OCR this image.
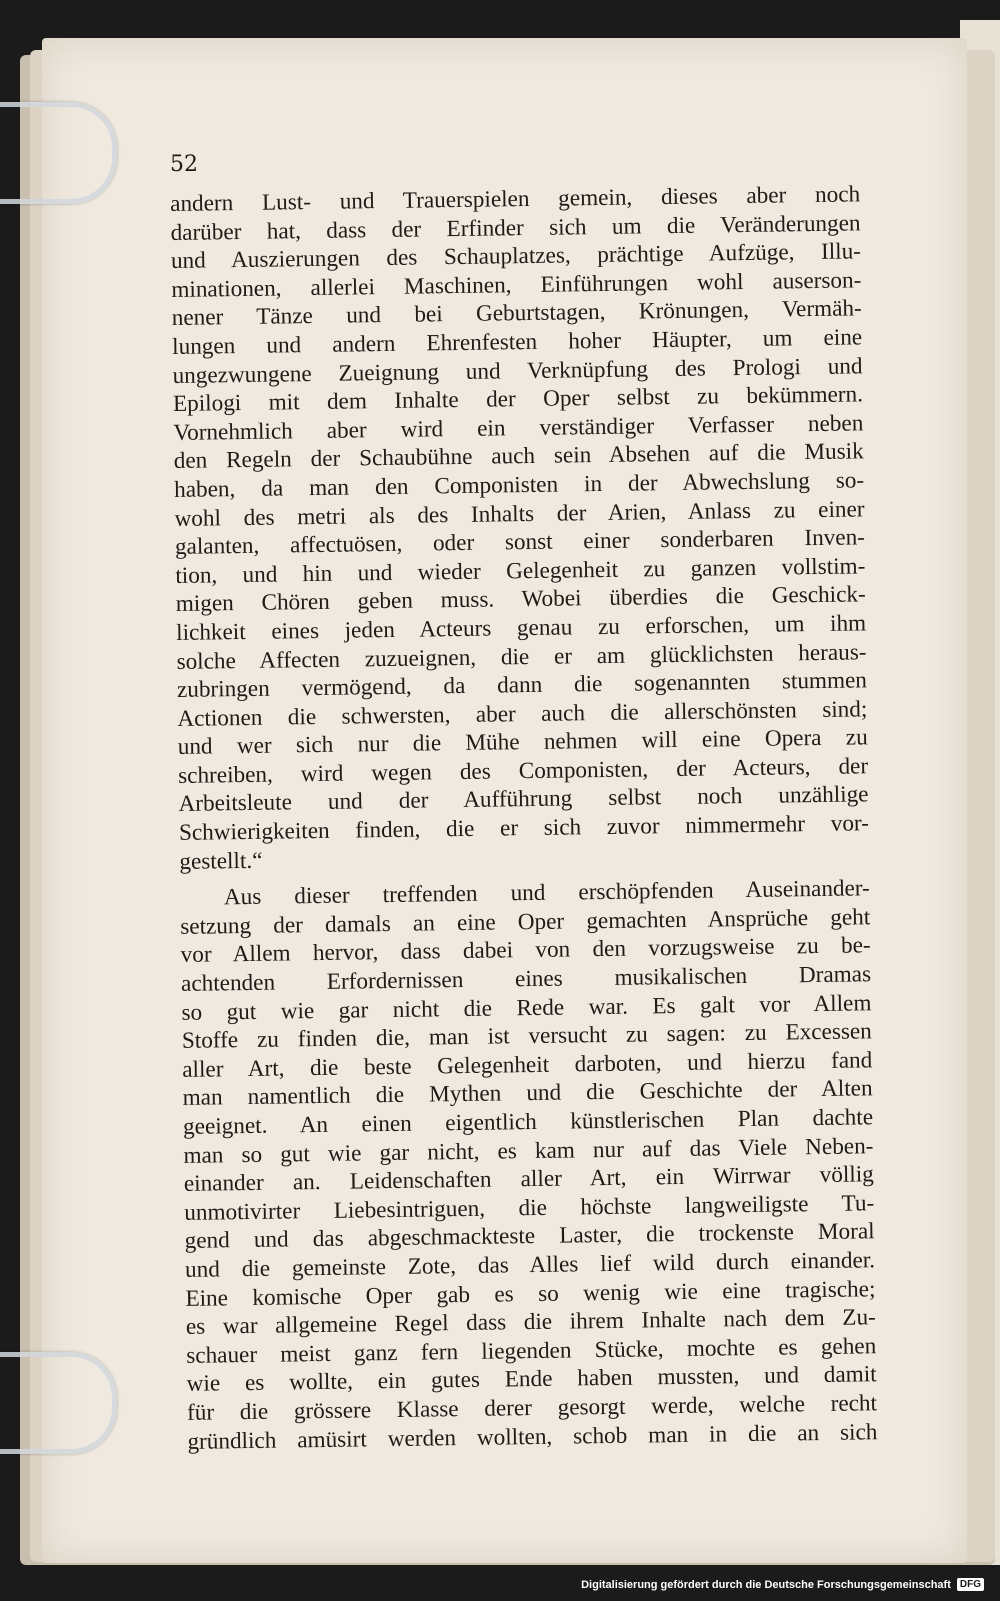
52
andern Lust- und Trauerspielen gemein, dieses aber noch
darüber hat, dass der Erfinder sich um die Veränderungen
und Auszierungen des Schauplatzes, prächtige Aufzüge, Illu-
minationen, allerlei Maschinen, Einführungen wohl auserson-
nener Tänze und bei Geburtstagen, Krönungen, Vermäh-
lungen und andern Ehrenfesten hoher Häupter, um eine
ungezwungene Zueignung und Verknüpfung des Prologi und
Epilogi mit dem Inhalte der Oper selbst zu bekümmern.
Vornehmlich aber wird ein verständiger Verfasser neben
den Regeln der Schaubühne auch sein Absehen auf die Musik
haben, da man den Componisten in der Abwechslung so-
wohl des metri als des Inhalts der Arien, Anlass zu einer
galanten, affectuösen, oder sonst einer sonderbaren Inven-
tion, und hin und wieder Gelegenheit zu ganzen vollstim-
migen Chören geben muss. Wobei überdies die Geschick-
lichkeit eines jeden Acteurs genau zu erforschen, um ihm
solche Affecten zuzueignen, die er am glücklichsten heraus-
zubringen vermögend, da dann die sogenannten stummen
Actionen die schwersten, aber auch die allerschönsten sind;
und wer sich nur die Mühe nehmen will eine Opera zu
schreiben, wird wegen des Componisten, der Acteurs, der
Arbeitsleute und der Aufführung selbst noch unzählige
Schwierigkeiten finden, die er sich zuvor nimmermehr vor-
gestellt.“
Aus dieser treffenden und erschöpfenden Auseinander-
setzung der damals an eine Oper gemachten Ansprüche geht
vor Allem hervor, dass dabei von den vorzugsweise zu be-
achtenden Erfordernissen eines musikalischen Dramas
so gut wie gar nicht die Rede war. Es galt vor Allem
Stoffe zu finden die, man ist versucht zu sagen: zu Excessen
aller Art, die beste Gelegenheit darboten, und hierzu fand
man namentlich die Mythen und die Geschichte der Alten
geeignet. An einen eigentlich künstlerischen Plan dachte
man so gut wie gar nicht, es kam nur auf das Viele Neben-
einander an. Leidenschaften aller Art, ein Wirrwar völlig
unmotivirter Liebesintriguen, die höchste langweiligste Tu-
gend und das abgeschmackteste Laster, die trockenste Moral
und die gemeinste Zote, das Alles lief wild durch einander.
Eine komische Oper gab es so wenig wie eine tragische;
es war allgemeine Regel dass die ihrem Inhalte nach dem Zu-
schauer meist ganz fern liegenden Stücke, mochte es gehen
wie es wollte, ein gutes Ende haben mussten, und damit
für die grössere Klasse derer gesorgt werde, welche recht
gründlich amüsirt werden wollten, schob man in die an sich
Digitalisierung gefördert durch die Deutsche Forschungsgemeinschaft DFG
